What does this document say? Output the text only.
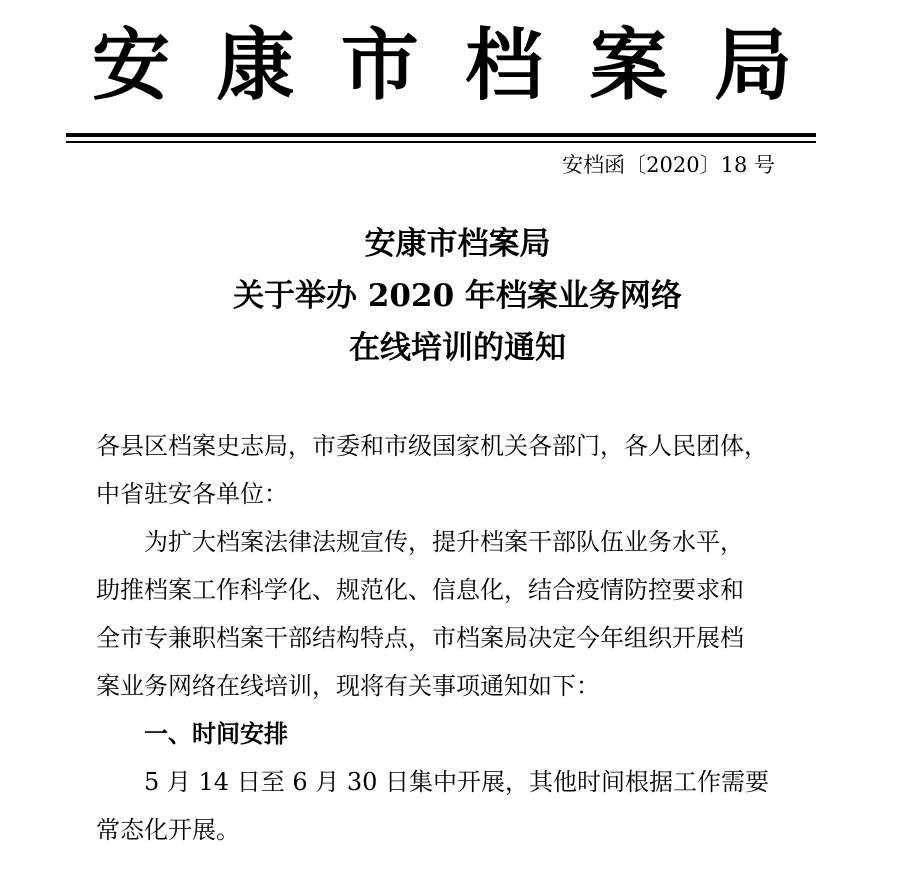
安 康 市 档 案 局
安档函〔2020〕18 号
安康市档案局
关于举办 2020 年档案业务网络
在线培训的通知
各县区档案史志局，市委和市级国家机关各部门，各人民团体，
中省驻安各单位：
为扩大档案法律法规宣传，提升档案干部队伍业务水平，
助推档案工作科学化、规范化、信息化，结合疫情防控要求和
全市专兼职档案干部结构特点，市档案局决定今年组织开展档
案业务网络在线培训，现将有关事项通知如下：
一、时间安排
5 月 14 日至 6 月 30 日集中开展，其他时间根据工作需要
常态化开展。
